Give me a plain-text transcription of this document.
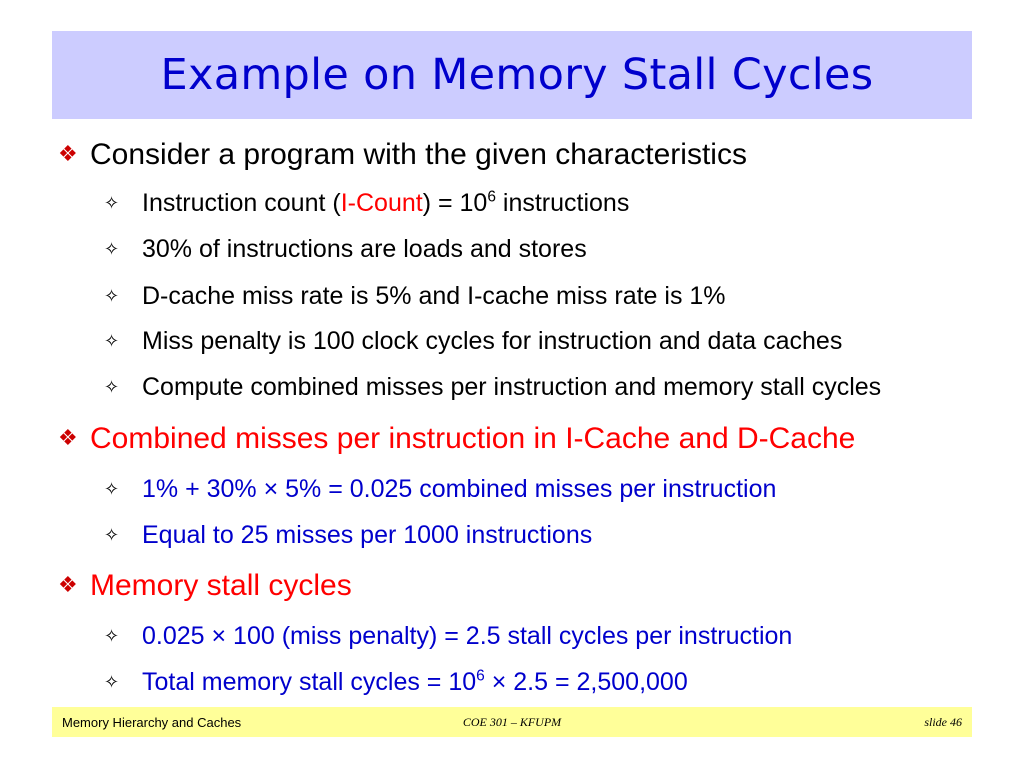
Example on Memory Stall Cycles
❖ Consider a program with the given characteristics
✧ Instruction count (I-Count) = $10^6$ instructions
✧ 30% of instructions are loads and stores
✧ D-cache miss rate is 5% and I-cache miss rate is 1%
✧ Miss penalty is 100 clock cycles for instruction and data caches
✧ Compute combined misses per instruction and memory stall cycles
❖ Combined misses per instruction in I-Cache and D-Cache
✧ 1% + 30% × 5% = 0.025 combined misses per instruction
✧ Equal to 25 misses per 1000 instructions
❖ Memory stall cycles
✧ 0.025 × 100 (miss penalty) = 2.5 stall cycles per instruction
✧ Total memory stall cycles = $10^6 \times 2.5 = 2,500,000$
Memory Hierarchy and Caches	COE 301 – KFUPM	slide 46
